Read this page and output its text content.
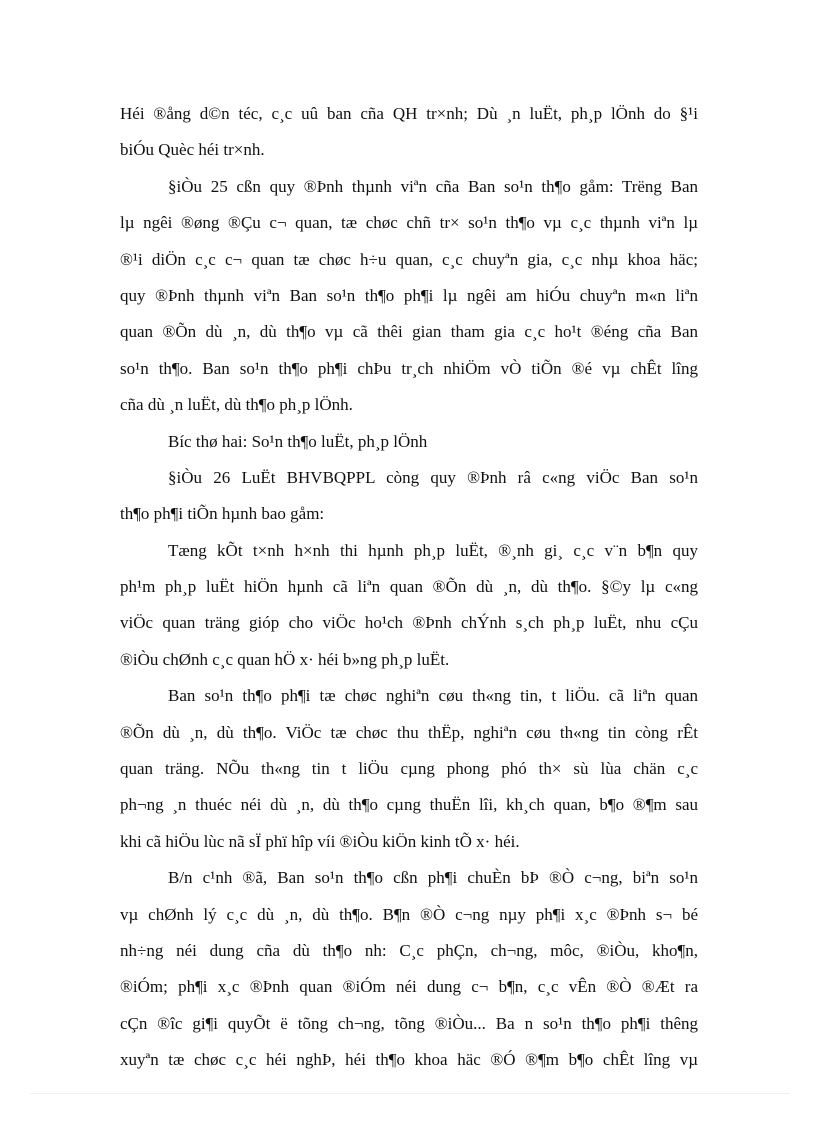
Héi ®ång d©n téc, c¸c uû ban cña QH tr×nh; Dù ¸n luËt, ph¸p lÖnh do §¹i
biÓu Quèc héi tr×nh.
§iÒu 25 cßn quy ®Þnh thµnh viªn cña Ban so¹n th¶o gåm: Trëng Ban
lµ ngêi ®øng ®Çu c¬ quan, tæ chøc chñ tr× so¹n th¶o vµ c¸c thµnh viªn lµ
®¹i diÖn c¸c c¬ quan tæ chøc h÷u quan, c¸c chuyªn gia, c¸c nhµ khoa häc;
quy ®Þnh thµnh viªn Ban so¹n th¶o ph¶i lµ ngêi am hiÓu chuyªn m«n liªn
quan ®Õn dù ¸n, dù th¶o vµ cã thêi gian tham gia c¸c ho¹t ®éng cña Ban
so¹n th¶o. Ban so¹n th¶o ph¶i chÞu tr¸ch nhiÖm vÒ tiÕn ®é vµ chÊt lîng
cña dù ¸n luËt, dù th¶o ph¸p lÖnh.
Bíc thø hai: So¹n th¶o luËt, ph¸p lÖnh
§iÒu 26 LuËt BHVBQPPL còng quy ®Þnh râ c«ng viÖc Ban so¹n
th¶o ph¶i tiÕn hµnh bao gåm:
Tæng kÕt t×nh h×nh thi hµnh ph¸p luËt, ®¸nh gi¸ c¸c v¨n b¶n quy
ph¹m ph¸p luËt hiÖn hµnh cã liªn quan ®Õn dù ¸n, dù th¶o. §©y lµ c«ng
viÖc quan träng gióp cho viÖc ho¹ch ®Þnh chÝnh s¸ch ph¸p luËt, nhu cÇu
®iÒu chØnh c¸c quan hÖ x· héi b»ng ph¸p luËt.
Ban so¹n th¶o ph¶i tæ chøc nghiªn cøu th«ng tin, t liÖu. cã liªn quan
®Õn dù ¸n, dù th¶o. ViÖc tæ chøc thu thËp, nghiªn cøu th«ng tin còng rÊt
quan träng. NÕu th«ng tin t liÖu cµng phong phó th× sù lùa chän c¸c
ph¬ng ¸n thuéc néi dù ¸n, dù th¶o cµng thuËn lîi, kh¸ch quan, b¶o ®¶m sau
khi cã hiÖu lùc nã sÏ phï hîp víi ®iÒu kiÖn kinh tÕ x· héi.
B/n c¹nh ®ã, Ban so¹n th¶o cßn ph¶i chuÈn bÞ ®Ò c¬ng, biªn so¹n
vµ chØnh lý c¸c dù ¸n, dù th¶o. B¶n ®Ò c¬ng nµy ph¶i x¸c ®Þnh s¬ bé
nh÷ng néi dung cña dù th¶o nh: C¸c phÇn, ch¬ng, môc, ®iÒu, kho¶n,
®iÓm; ph¶i x¸c ®Þnh quan ®iÓm néi dung c¬ b¶n, c¸c vÊn ®Ò ®Æt ra
cÇn ®îc gi¶i quyÕt ë tõng ch¬ng, tõng ®iÒu... Ba n so¹n th¶o ph¶i thêng
xuyªn tæ chøc c¸c héi nghÞ, héi th¶o khoa häc ®Ó ®¶m b¶o chÊt lîng vµ
